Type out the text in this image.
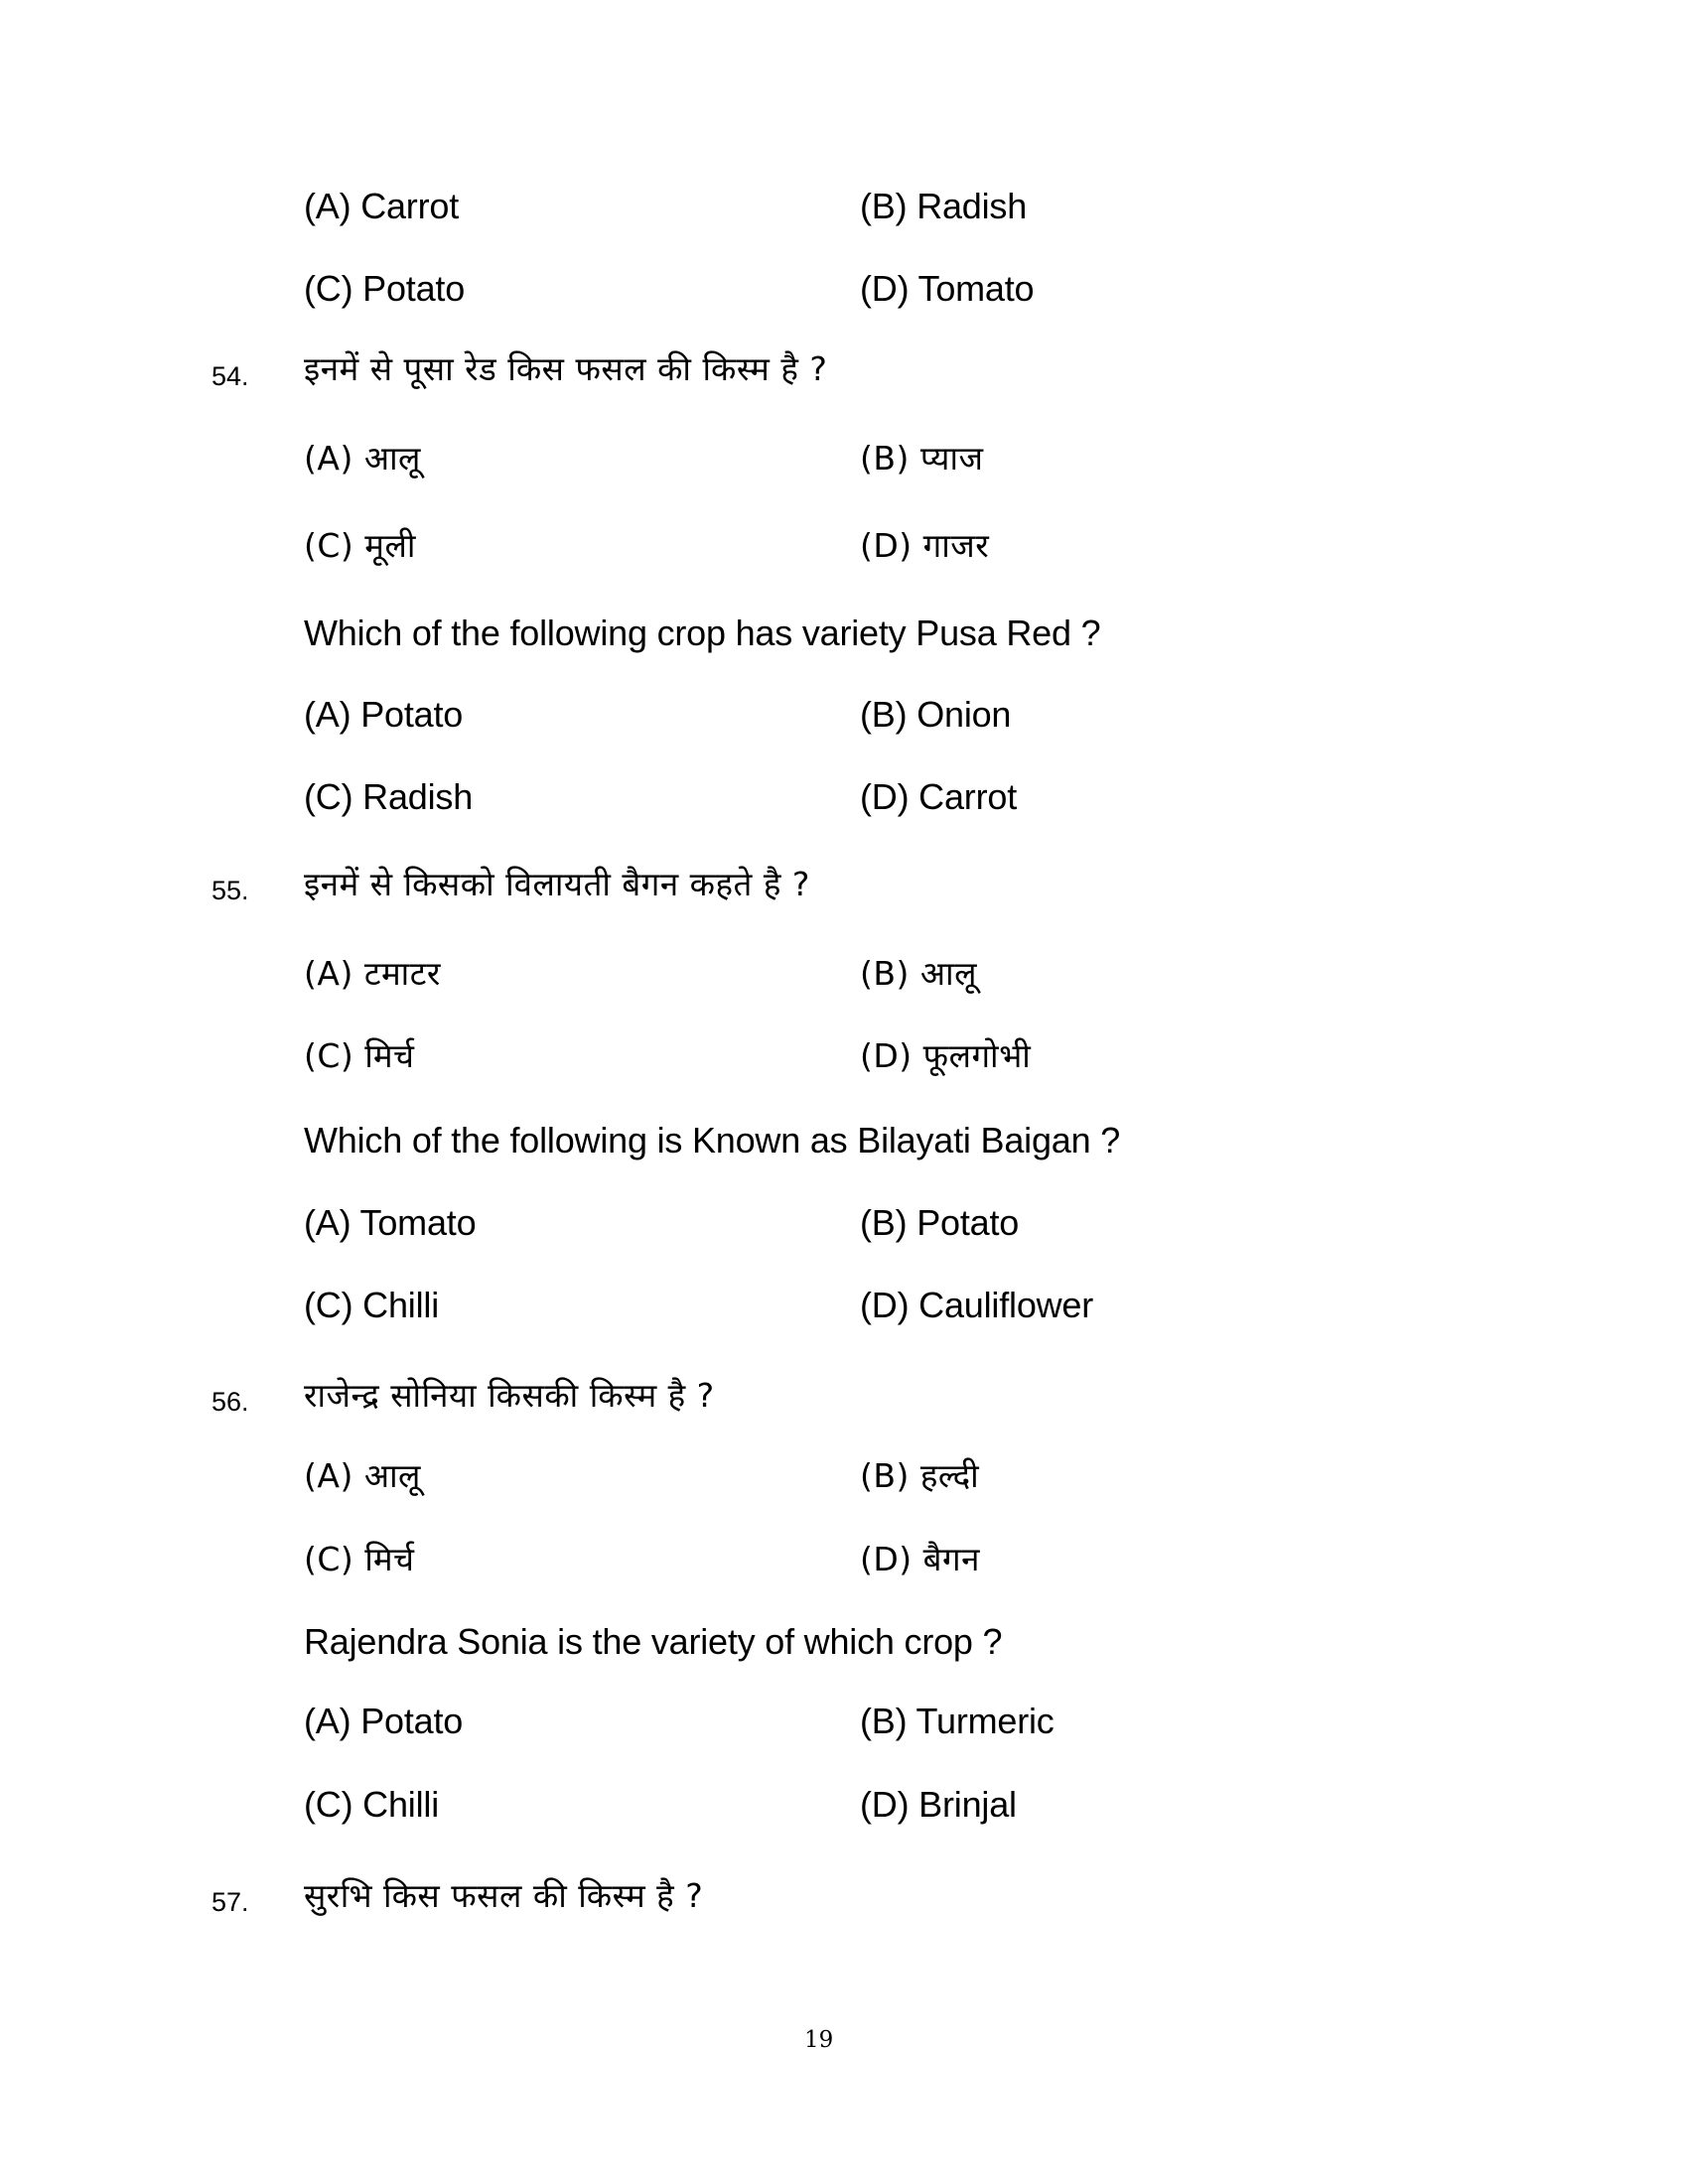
(A) Carrot	(B) Radish
(C) Potato	(D) Tomato
54. इनमें से पूसा रेड किस फसल की किस्म है ?
(A) आलू	(B) प्याज
(C) मूली	(D) गाजर
Which of the following crop has variety Pusa Red ?
(A) Potato	(B) Onion
(C) Radish	(D) Carrot
55. इनमें से किसको विलायती बैगन कहते है ?
(A) टमाटर	(B) आलू
(C) मिर्च	(D) फूलगोभी
Which of the following is Known as Bilayati Baigan ?
(A) Tomato	(B) Potato
(C) Chilli	(D) Cauliflower
56. राजेन्द्र सोनिया किसकी किस्म है ?
(A) आलू	(B) हल्दी
(C) मिर्च	(D) बैगन
Rajendra Sonia is the variety of which crop ?
(A) Potato	(B) Turmeric
(C) Chilli	(D) Brinjal
57. सुरभि किस फसल की किस्म है ?
19
